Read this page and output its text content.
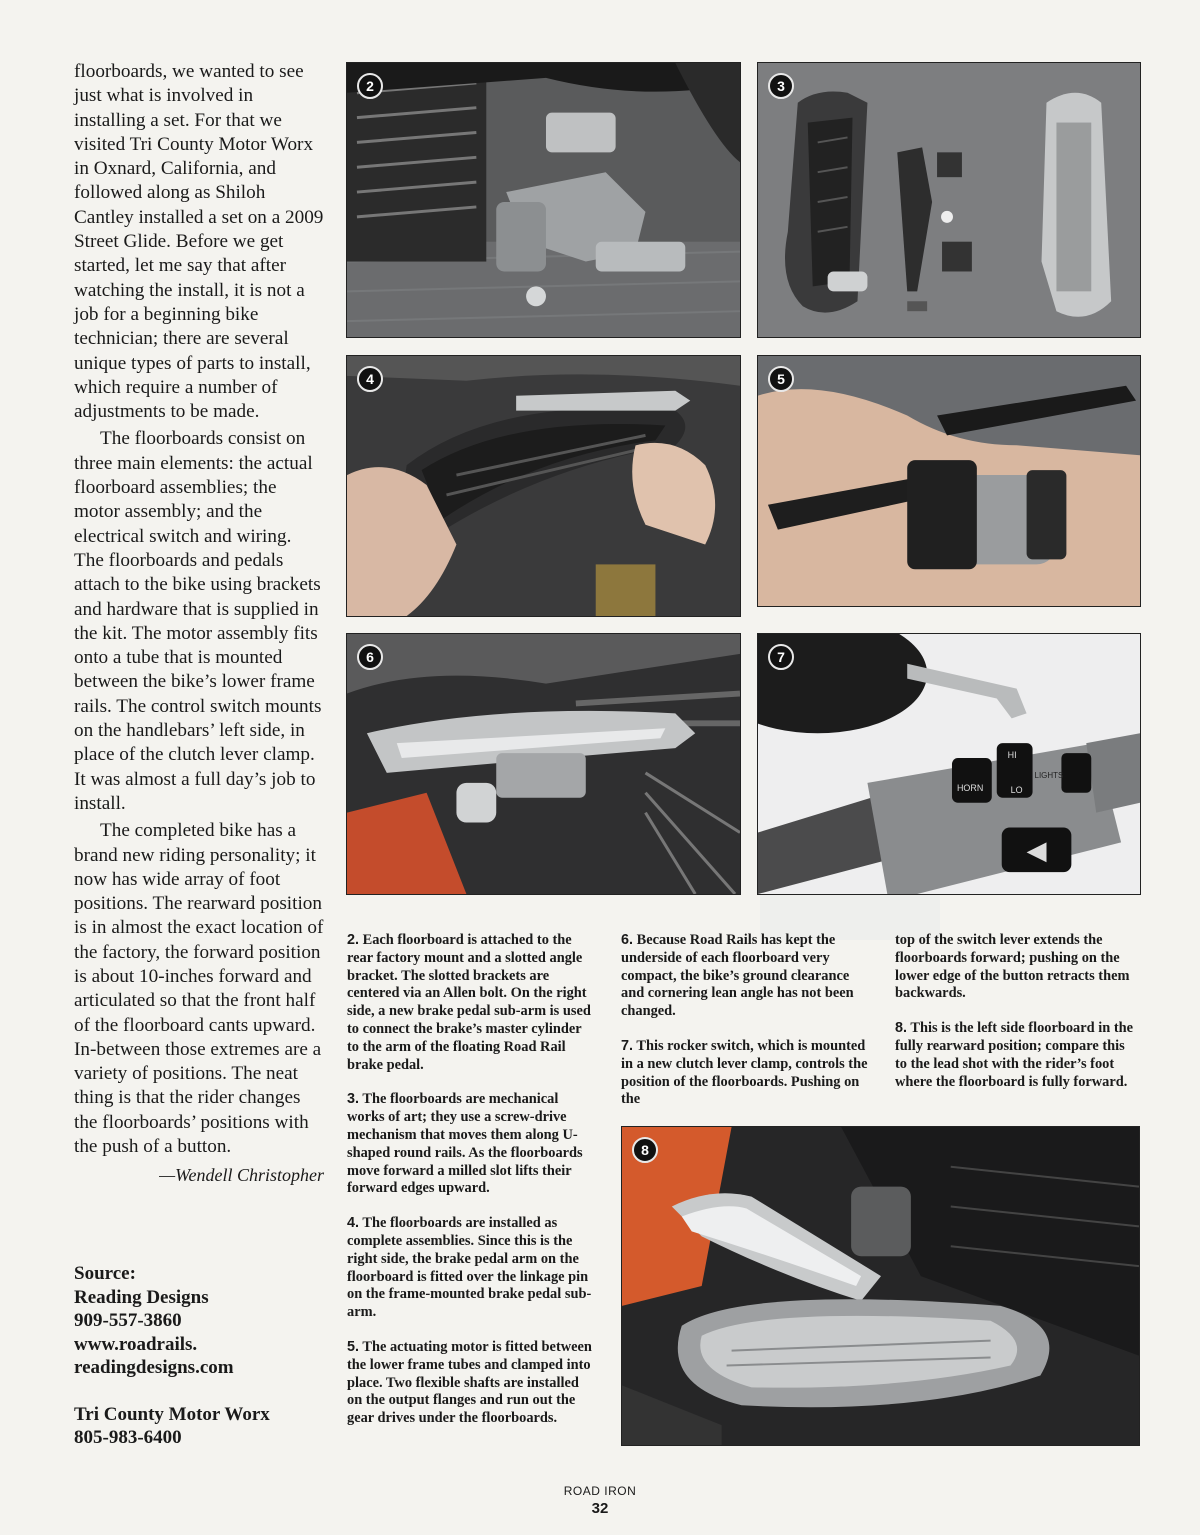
floorboards, we wanted to see just what is involved in installing a set. For that we visited Tri County Motor Worx in Oxnard, California, and followed along as Shiloh Cantley installed a set on a 2009 Street Glide. Before we get started, let me say that after watching the install, it is not a job for a beginning bike technician; there are several unique types of parts to install, which require a number of adjustments to be made.

The floorboards consist on three main elements: the actual floorboard assemblies; the motor assembly; and the electrical switch and wiring. The floorboards and pedals attach to the bike using brackets and hardware that is supplied in the kit. The motor assembly fits onto a tube that is mounted between the bike’s lower frame rails. The control switch mounts on the handlebars’ left side, in place of the clutch lever clamp. It was almost a full day’s job to install.

The completed bike has a brand new riding personality; it now has wide array of foot positions. The rearward position is in almost the exact location of the factory, the forward position is about 10-inches forward and articulated so that the front half of the floorboard cants upward. In-between those extremes are a variety of positions. The neat thing is that the rider changes the floorboards’ positions with the push of a button.

—Wendell Christopher
Source:
Reading Designs
909-557-3860
www.roadrails.
readingdesigns.com
Tri County Motor Worx
805-983-6400
2	3
4	5
6
HORN
HI
LIGHTS
LO
7
8

2. Each floorboard is attached to the rear factory mount and a slotted angle bracket. The slotted brackets are centered via an Allen bolt. On the right side, a new brake pedal sub-arm is used to connect the brake’s master cylinder to the arm of the floating Road Rail brake pedal.

3. The floorboards are mechanical works of art; they use a screw-drive mechanism that moves them along U-shaped round rails. As the floorboards move forward a milled slot lifts their forward edges upward.

4. The floorboards are installed as complete assemblies. Since this is the right side, the brake pedal arm on the floorboard is fitted over the linkage pin on the frame-mounted brake pedal sub-arm.

5. The actuating motor is fitted between the lower frame tubes and clamped into place. Two flexible shafts are installed on the output flanges and run out the gear drives under the floorboards.

6. Because Road Rails has kept the underside of each floorboard very compact, the bike’s ground clearance and cornering lean angle has not been changed.

7. This rocker switch, which is mounted in a new clutch lever clamp, controls the position of the floorboards. Pushing on the

top of the switch lever extends the floorboards forward; pushing on the lower edge of the button retracts them backwards.

8. This is the left side floorboard in the fully rearward position; compare this to the lead shot with the rider’s foot where the floorboard is fully forward.

ROAD IRON
32
